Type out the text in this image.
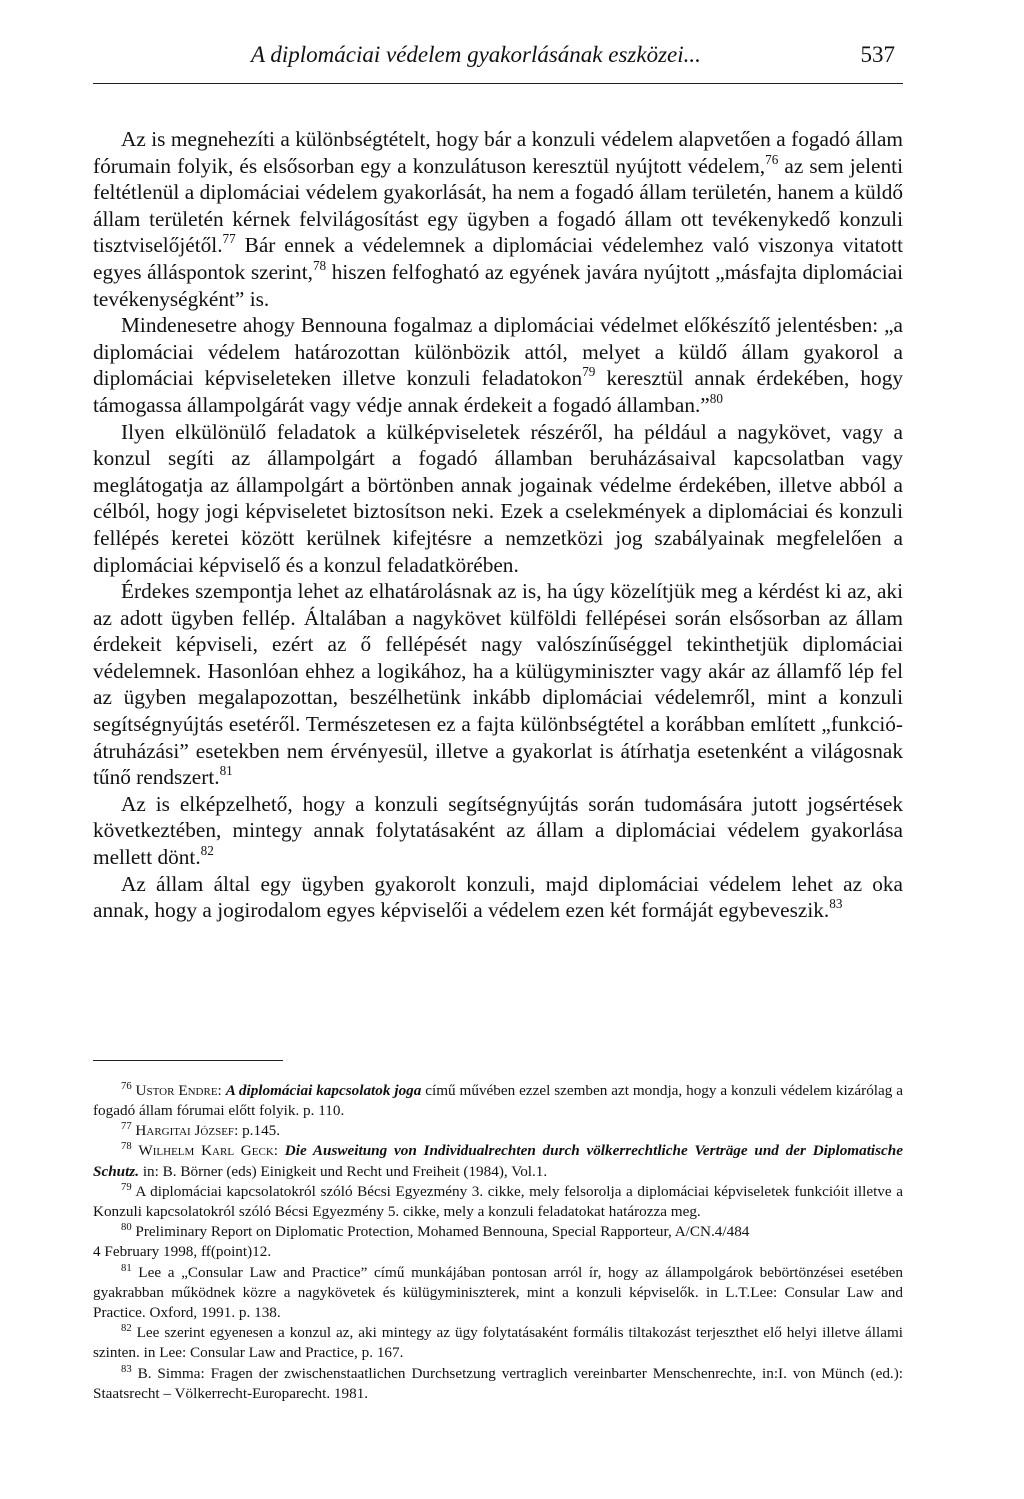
A diplomáciai védelem gyakorlásának eszközei...	537

Az is megnehezíti a különbségtételt, hogy bár a konzuli védelem alapvetően a fogadó állam fórumain folyik, és elsősorban egy a konzulátuson keresztül nyújtott védelem,$^{76}$ az sem jelenti feltétlenül a diplomáciai védelem gyakorlását, ha nem a fogadó állam területén, hanem a küldő állam területén kérnek felvilágosítást egy ügyben a fogadó állam ott tevékenykedő konzuli tisztviselőjétől.$^{77}$ Bár ennek a védelemnek a diplomáciai védelemhez való viszonya vitatott egyes álláspontok szerint,$^{78}$ hiszen felfogható az egyének javára nyújtott „másfajta diplomáciai tevékenységként” is.

Mindenesetre ahogy Bennouna fogalmaz a diplomáciai védelmet előkészítő jelentésben: „a diplomáciai védelem határozottan különbözik attól, melyet a küldő állam gyakorol a diplomáciai képviseleteken illetve konzuli feladatokon$^{79}$ keresztül annak érdekében, hogy támogassa állampolgárát vagy védje annak érdekeit a fogadó államban.”$^{80}$

Ilyen elkülönülő feladatok a külképviseletek részéről, ha például a nagykövet, vagy a konzul segíti az állampolgárt a fogadó államban beruházásaival kapcsolatban vagy meglátogatja az állampolgárt a börtönben annak jogainak védelme érdekében, illetve abból a célból, hogy jogi képviseletet biztosítson neki. Ezek a cselekmények a diplomáciai és konzuli fellépés keretei között kerülnek kifejtésre a nemzetközi jog szabályainak megfelelően a diplomáciai képviselő és a konzul feladatkörében.

Érdekes szempontja lehet az elhatárolásnak az is, ha úgy közelítjük meg a kérdést ki az, aki az adott ügyben fellép. Általában a nagykövet külföldi fellépései során elsősorban az állam érdekeit képviseli, ezért az ő fellépését nagy valószínűséggel tekinthetjük diplomáciai védelemnek. Hasonlóan ehhez a logikához, ha a külügyminiszter vagy akár az államfő lép fel az ügyben megalapozottan, beszélhetünk inkább diplomáciai védelemről, mint a konzuli segítségnyújtás esetéről. Természetesen ez a fajta különbségtétel a korábban említett „funkció-átruházási” esetekben nem érvényesül, illetve a gyakorlat is átírhatja esetenként a világosnak tűnő rendszert.$^{81}$

Az is elképzelhető, hogy a konzuli segítségnyújtás során tudomására jutott jogsértések következtében, mintegy annak folytatásaként az állam a diplomáciai védelem gyakorlása mellett dönt.$^{82}$

Az állam által egy ügyben gyakorolt konzuli, majd diplomáciai védelem lehet az oka annak, hogy a jogirodalom egyes képviselői a védelem ezen két formáját egybeveszik.$^{83}$

$^{76}$ Ustor Endre: A diplomáciai kapcsolatok joga című művében ezzel szemben azt mondja, hogy a konzuli védelem kizárólag a fogadó állam fórumai előtt folyik. p. 110.

$^{77}$ Hargitai József: p.145.

$^{78}$ Wilhelm Karl Geck: Die Ausweitung von Individualrechten durch völkerrechtliche Verträge und der Diplomatische Schutz. in: B. Börner (eds) Einigkeit und Recht und Freiheit (1984), Vol.1.

$^{79}$ A diplomáciai kapcsolatokról szóló Bécsi Egyezmény 3. cikke, mely felsorolja a diplomáciai képviseletek funkcióit illetve a Konzuli kapcsolatokról szóló Bécsi Egyezmény 5. cikke, mely a konzuli feladatokat határozza meg.

$^{80}$ Preliminary Report on Diplomatic Protection, Mohamed Bennouna, Special Rapporteur, A/CN.4/484

4 February 1998, ff(point)12.

$^{81}$ Lee a „Consular Law and Practice” című munkájában pontosan arról ír, hogy az állampolgárok bebörtönzései esetében gyakrabban működnek közre a nagykövetek és külügyminiszterek, mint a konzuli képviselők. in L.T.Lee: Consular Law and Practice. Oxford, 1991. p. 138.

$^{82}$ Lee szerint egyenesen a konzul az, aki mintegy az ügy folytatásaként formális tiltakozást terjeszthet elő helyi illetve állami szinten. in Lee: Consular Law and Practice, p. 167.

$^{83}$ B. Simma: Fragen der zwischenstaatlichen Durchsetzung vertraglich vereinbarter Menschenrechte, in:I. von Münch (ed.): Staatsrecht – Völkerrecht-Europarecht. 1981.
